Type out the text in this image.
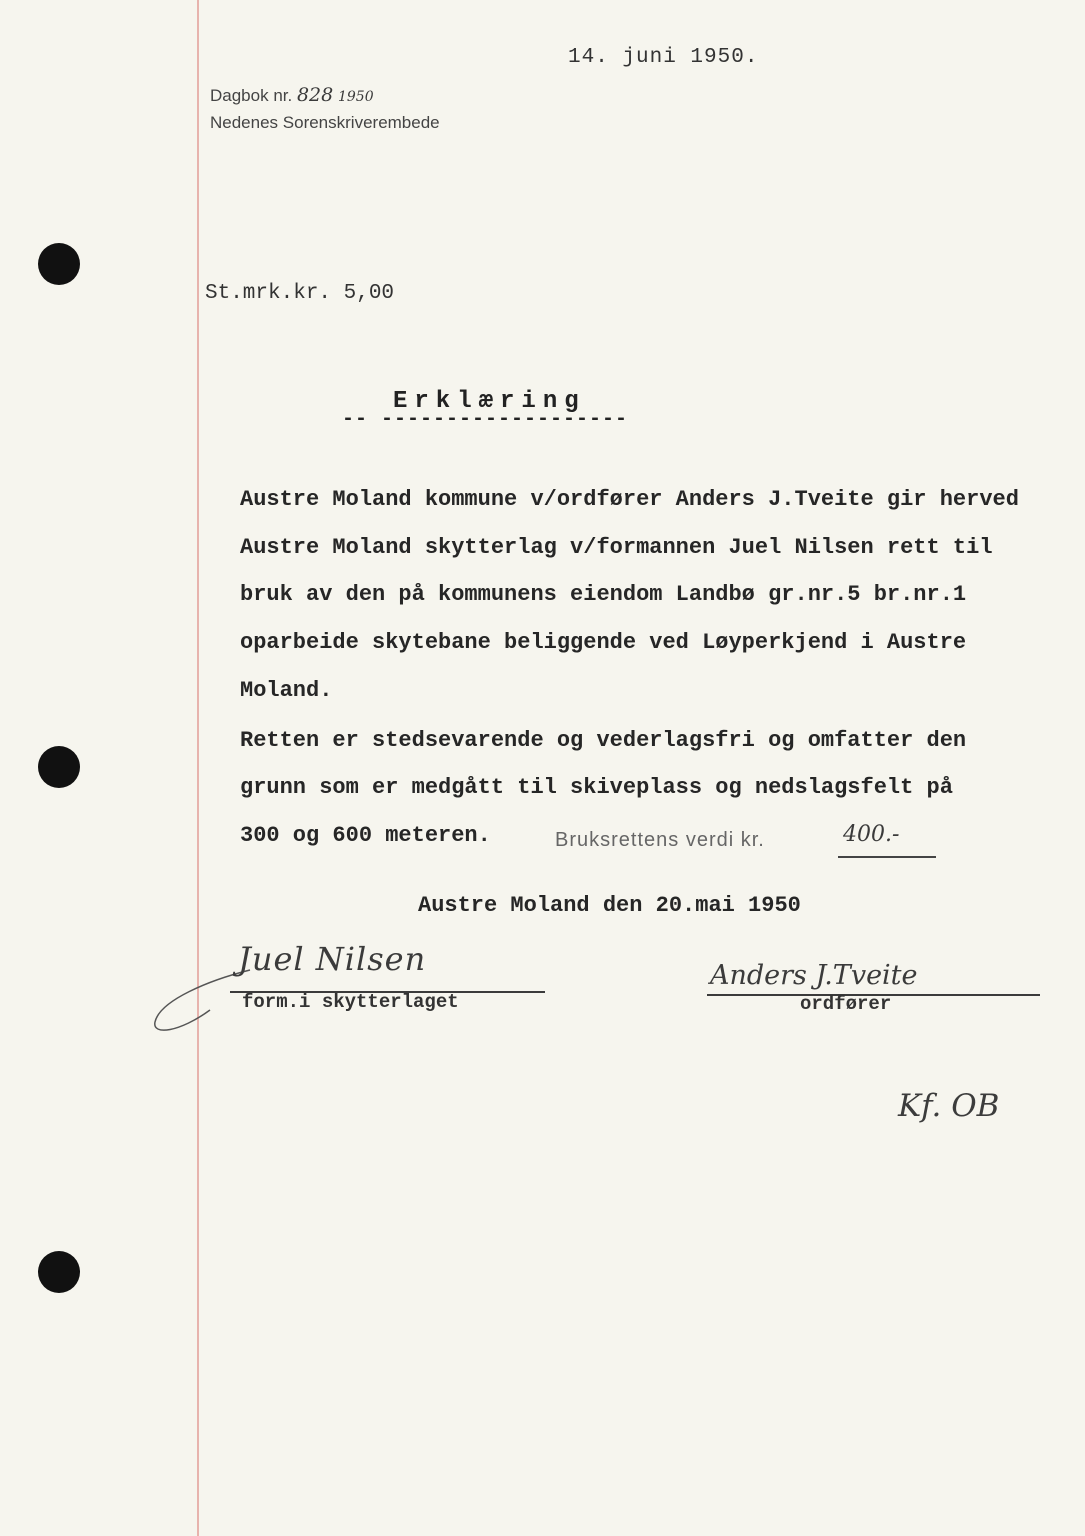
14. juni 1950.
Dagbok nr. 828 1950
Nedenes Sorenskriverembede
St.mrk.kr. 5,00
Erklæring
-- -------------------
Austre Moland kommune v/ordfører Anders J.Tveite gir herved
Austre Moland skytterlag v/formannen Juel Nilsen rett til
bruk av den på kommunens eiendom Landbø gr.nr.5 br.nr.1
oparbeide skytebane beliggende ved Løyperkjend i Austre
Moland.
Retten er stedsevarende og vederlagsfri og omfatter den
grunn som er medgått til skiveplass og nedslagsfelt på
300 og 600 meteren.	Bruksrettens verdi kr.	400.-
Austre Moland den 20.mai 1950
Juel Nilsen
form.i skytterlaget
Anders J.Tveite
ordfører
Kf. OB
